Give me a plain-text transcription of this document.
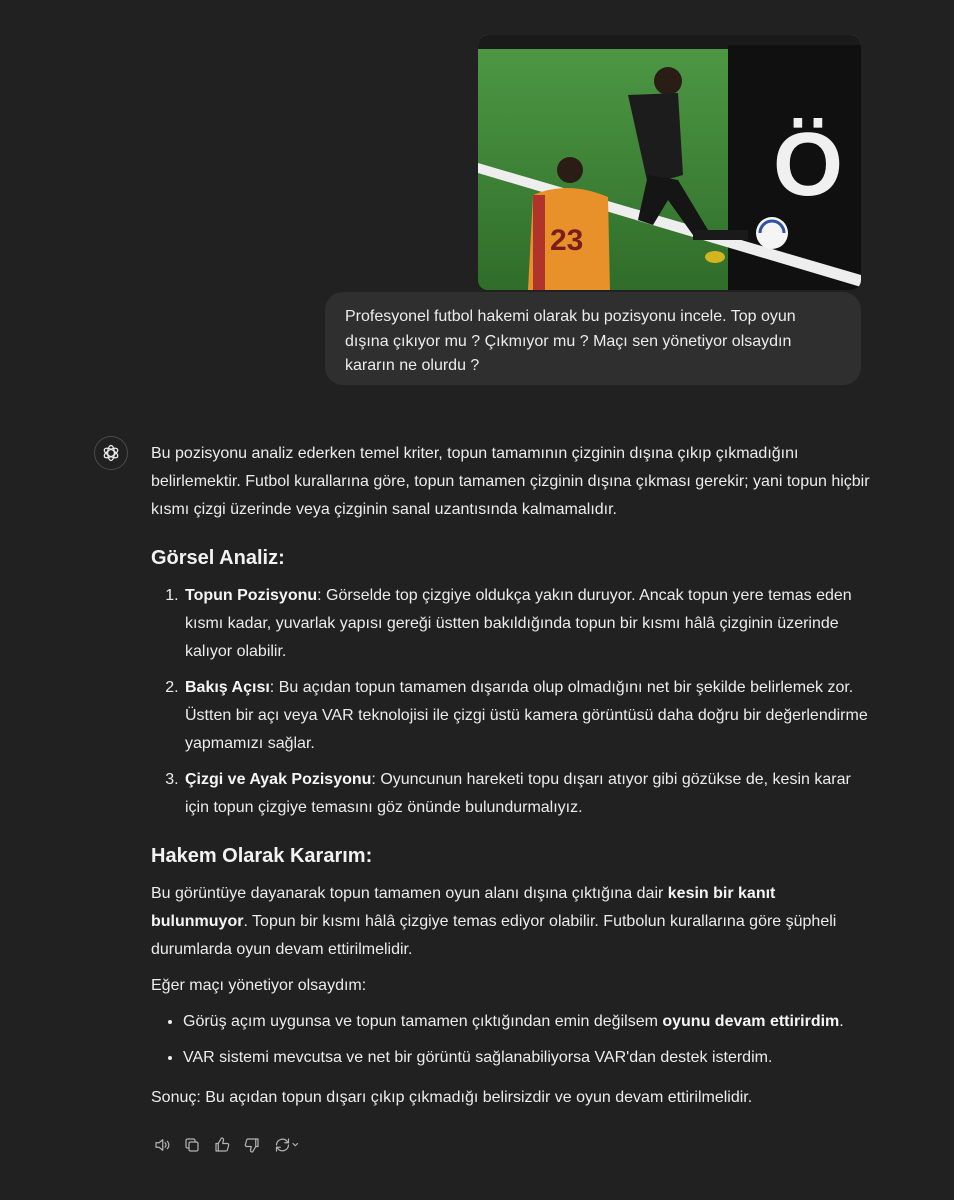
Ö
23
Profesyonel futbol hakemi olarak bu pozisyonu incele. Top oyun dışına çıkıyor mu ? Çıkmıyor mu ? Maçı sen yönetiyor olsaydın kararın ne olurdu ?

Bu pozisyonu analiz ederken temel kriter, topun tamamının çizginin dışına çıkıp çıkmadığını belirlemektir. Futbol kurallarına göre, topun tamamen çizginin dışına çıkması gerekir; yani topun hiçbir kısmı çizgi üzerinde veya çizginin sanal uzantısında kalmamalıdır.

Görsel Analiz:
1. Topun Pozisyonu: Görselde top çizgiye oldukça yakın duruyor. Ancak topun yere temas eden kısmı kadar, yuvarlak yapısı gereği üstten bakıldığında topun bir kısmı hâlâ çizginin üzerinde kalıyor olabilir.
2. Bakış Açısı: Bu açıdan topun tamamen dışarıda olup olmadığını net bir şekilde belirlemek zor. Üstten bir açı veya VAR teknolojisi ile çizgi üstü kamera görüntüsü daha doğru bir değerlendirme yapmamızı sağlar.
3. Çizgi ve Ayak Pozisyonu: Oyuncunun hareketi topu dışarı atıyor gibi gözükse de, kesin karar için topun çizgiye temasını göz önünde bulundurmalıyız.
Hakem Olarak Kararım:

Bu görüntüye dayanarak topun tamamen oyun alanı dışına çıktığına dair kesin bir kanıt bulunmuyor. Topun bir kısmı hâlâ çizgiye temas ediyor olabilir. Futbolun kurallarına göre şüpheli durumlarda oyun devam ettirilmelidir.

Eğer maçı yönetiyor olsaydım:

• Görüş açım uygunsa ve topun tamamen çıktığından emin değilsem oyunu devam ettirirdim.
• VAR sistemi mevcutsa ve net bir görüntü sağlanabiliyorsa VAR'dan destek isterdim.

Sonuç: Bu açıdan topun dışarı çıkıp çıkmadığı belirsizdir ve oyun devam ettirilmelidir.
